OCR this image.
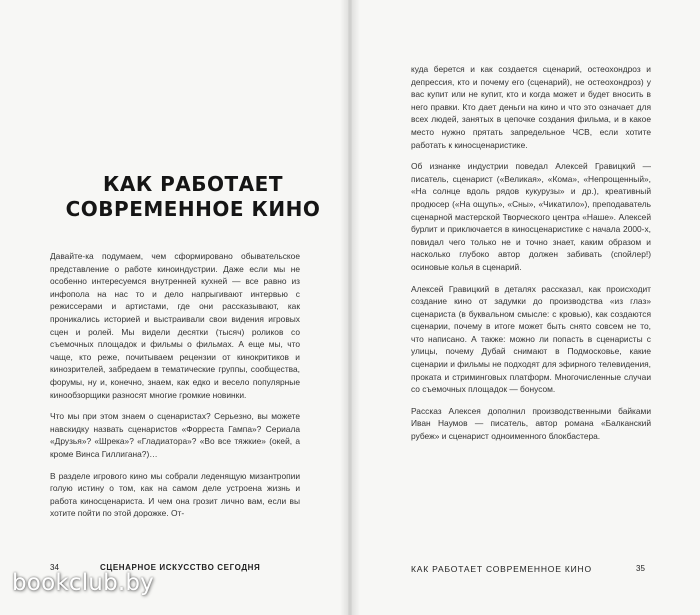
КАК РАБОТАЕТ
СОВРЕМЕННОЕ КИНО

Давайте-ка подумаем, чем сформировано обывательское представление о работе киноиндустрии. Даже если мы не особенно интересуемся внутренней кухней — все равно из инфопола на нас то и дело напрыгивают интервью с режиссерами и артистами, где они рассказывают, как проникались историей и выстраивали свои видения игровых сцен и ролей. Мы видели десятки (тысяч) роликов со съемочных площадок и фильмы о фильмах. А еще мы, что чаще, кто реже, почитываем рецензии от кинокритиков и кинозрителей, забредаем в тематические группы, сообщества, форумы, ну и, конечно, знаем, как едко и весело популярные кинообзорщики разносят многие громкие новинки.

Что мы при этом знаем о сценаристах? Серьезно, вы можете навскидку назвать сценаристов «Форреста Гампа»? Сериала «Друзья»? «Шрека»? «Гладиатора»? «Во все тяжкие» (окей, а кроме Винса Гиллигана?)…

В разделе игрового кино мы собрали леденящую мизантропии голую истину о том, как на самом деле устроена жизнь и работа киносценариста. И чем она грозит лично вам, если вы хотите пойти по этой дорожке. От-

34	СЦЕНАРНОЕ ИСКУССТВО СЕГОДНЯ

куда берется и как создается сценарий, остеохондроз и депрессия, кто и почему его (сценарий), не остеохондроз) у вас купит или не купит, кто и когда может и будет вносить в него правки. Кто дает деньги на кино и что это означает для всех людей, занятых в цепочке создания фильма, и в какое место нужно прятать запредельное ЧСВ, если хотите работать к киносценаристике.

Об изнанке индустрии поведал Алексей Гравицкий — писатель, сценарист («Великая», «Кома», «Непрощенный», «На солнце вдоль рядов кукурузы» и др.), креативный продюсер («На ощупь», «Сны», «Чикатило»), преподаватель сценарной мастерской Творческого центра «Наше». Алексей бурлит и приключается в киносценаристике с начала 2000-х, повидал чего только не и точно знает, каким образом и насколько глубоко автор должен забивать (спойлер!) осиновые колья в сценарий.

Алексей Гравицкий в деталях рассказал, как происходит создание кино от задумки до производства «из глаз» сценариста (в буквальном смысле: с кровью), как создаются сценарии, почему в итоге может быть снято совсем не то, что написано. А также: можно ли попасть в сценаристы с улицы, почему Дубай снимают в Подмосковье, какие сценарии и фильмы не подходят для эфирного телевидения, проката и стриминговых платформ. Многочисленные случаи со съемочных площадок — бонусом.

Рассказ Алексея дополнил производственными байками Иван Наумов — писатель, автор романа «Балканский рубеж» и сценарист одноименного блокбастера.

КАК РАБОТАЕТ СОВРЕМЕННОЕ КИНО	35
bookclub.by
